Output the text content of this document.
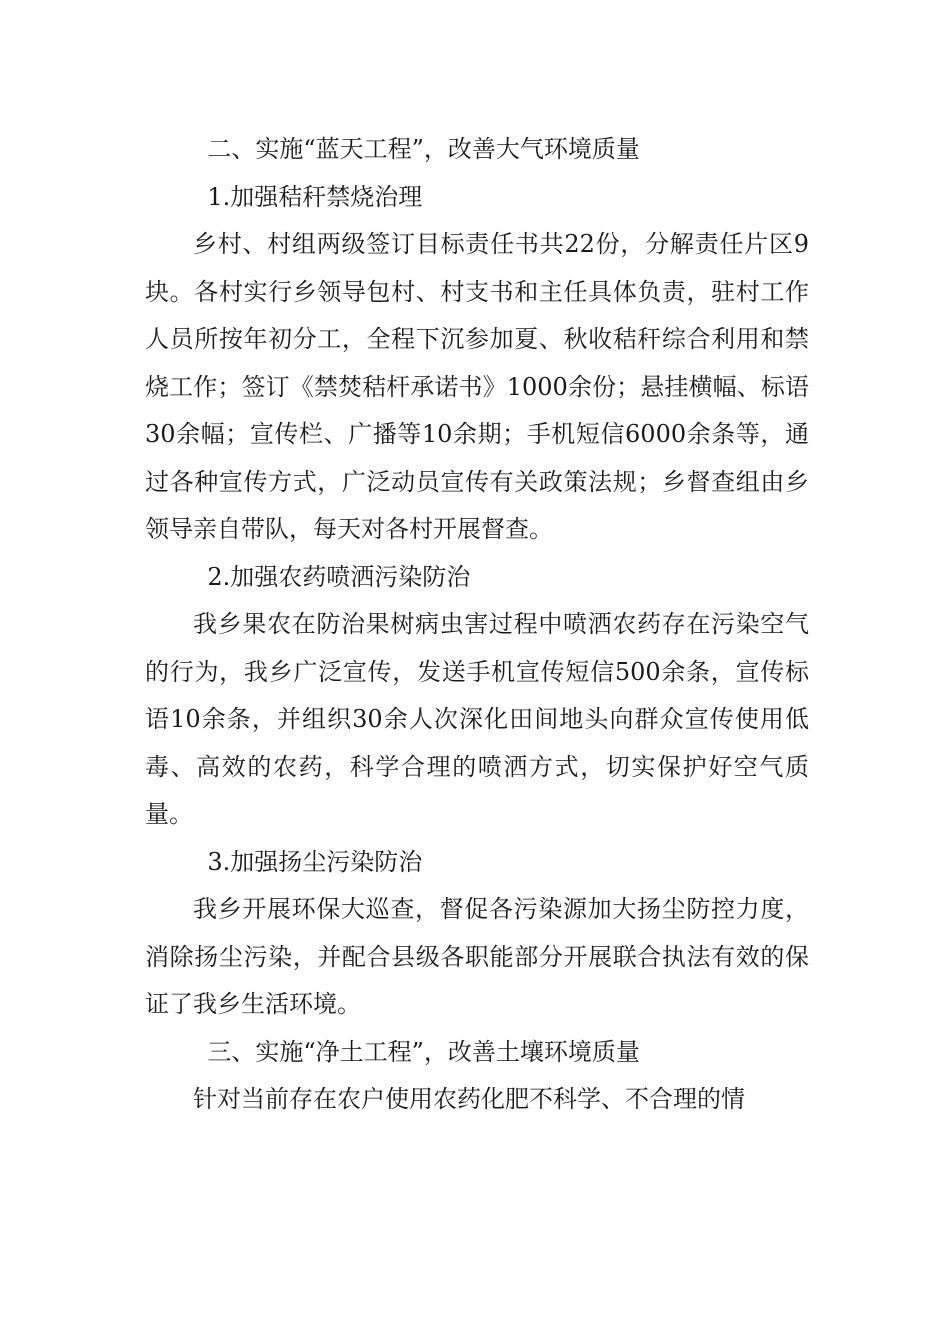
二、实施“蓝天工程”，改善大气环境质量

1.加强秸秆禁烧治理

乡村、村组两级签订目标责任书共22份，分解责任片区9块。各村实行乡领导包村、村支书和主任具体负责，驻村工作人员所按年初分工，全程下沉参加夏、秋收秸秆综合利用和禁烧工作；签订《禁焚秸杆承诺书》1000余份；悬挂横幅、标语30余幅；宣传栏、广播等10余期；手机短信6000余条等，通过各种宣传方式，广泛动员宣传有关政策法规；乡督查组由乡领导亲自带队，每天对各村开展督查。

2.加强农药喷洒污染防治

我乡果农在防治果树病虫害过程中喷洒农药存在污染空气的行为，我乡广泛宣传，发送手机宣传短信500余条，宣传标语10余条，并组织30余人次深化田间地头向群众宣传使用低毒、高效的农药，科学合理的喷洒方式，切实保护好空气质量。

3.加强扬尘污染防治

我乡开展环保大巡查，督促各污染源加大扬尘防控力度，消除扬尘污染，并配合县级各职能部分开展联合执法有效的保证了我乡生活环境。

三、实施“净土工程”，改善土壤环境质量

针对当前存在农户使用农药化肥不科学、不合理的情
